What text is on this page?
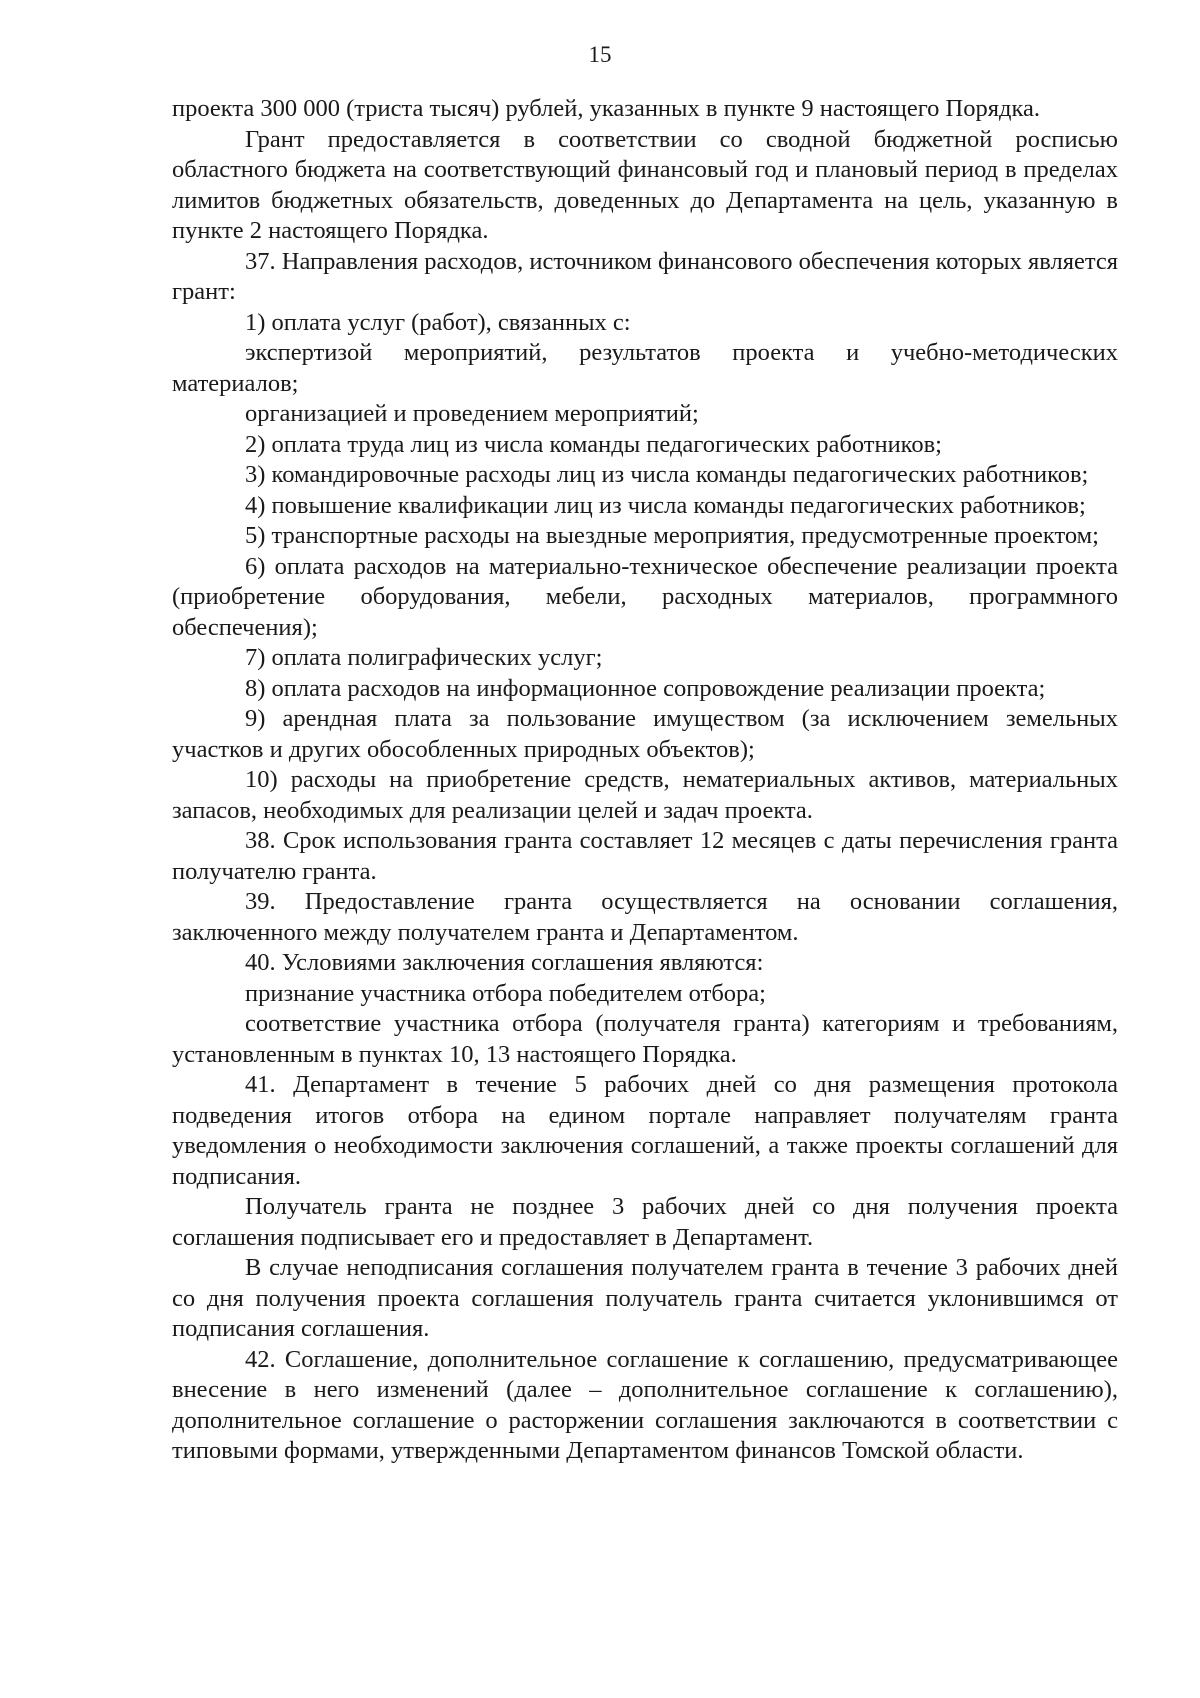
15

проекта 300 000 (триста тысяч) рублей, указанных в пункте 9 настоящего Порядка.

Грант предоставляется в соответствии со сводной бюджетной росписью областного бюджета на соответствующий финансовый год и плановый период в пределах лимитов бюджетных обязательств, доведенных до Департамента на цель, указанную в пункте 2 настоящего Порядка.

37. Направления расходов, источником финансового обеспечения которых является грант:

1) оплата услуг (работ), связанных с:

экспертизой мероприятий, результатов проекта и учебно-методических материалов;

организацией и проведением мероприятий;

2) оплата труда лиц из числа команды педагогических работников;

3) командировочные расходы лиц из числа команды педагогических работников;

4) повышение квалификации лиц из числа команды педагогических работников;

5) транспортные расходы на выездные мероприятия, предусмотренные проектом;

6) оплата расходов на материально-техническое обеспечение реализации проекта (приобретение оборудования, мебели, расходных материалов, программного обеспечения);

7) оплата полиграфических услуг;

8) оплата расходов на информационное сопровождение реализации проекта;

9) арендная плата за пользование имуществом (за исключением земельных участков и других обособленных природных объектов);

10) расходы на приобретение средств, нематериальных активов, материальных запасов, необходимых для реализации целей и задач проекта.

38. Срок использования гранта составляет 12 месяцев с даты перечисления гранта получателю гранта.

39. Предоставление гранта осуществляется на основании соглашения, заключенного между получателем гранта и Департаментом.

40. Условиями заключения соглашения являются:

признание участника отбора победителем отбора;

соответствие участника отбора (получателя гранта) категориям и требованиям, установленным в пунктах 10, 13 настоящего Порядка.

41. Департамент в течение 5 рабочих дней со дня размещения протокола подведения итогов отбора на едином портале направляет получателям гранта уведомления о необходимости заключения соглашений, а также проекты соглашений для подписания.

Получатель гранта не позднее 3 рабочих дней со дня получения проекта соглашения подписывает его и предоставляет в Департамент.

В случае неподписания соглашения получателем гранта в течение 3 рабочих дней со дня получения проекта соглашения получатель гранта считается уклонившимся от подписания соглашения.

42. Соглашение, дополнительное соглашение к соглашению, предусматривающее внесение в него изменений (далее – дополнительное соглашение к соглашению), дополнительное соглашение о расторжении соглашения заключаются в соответствии с типовыми формами, утвержденными Департаментом финансов Томской области.
